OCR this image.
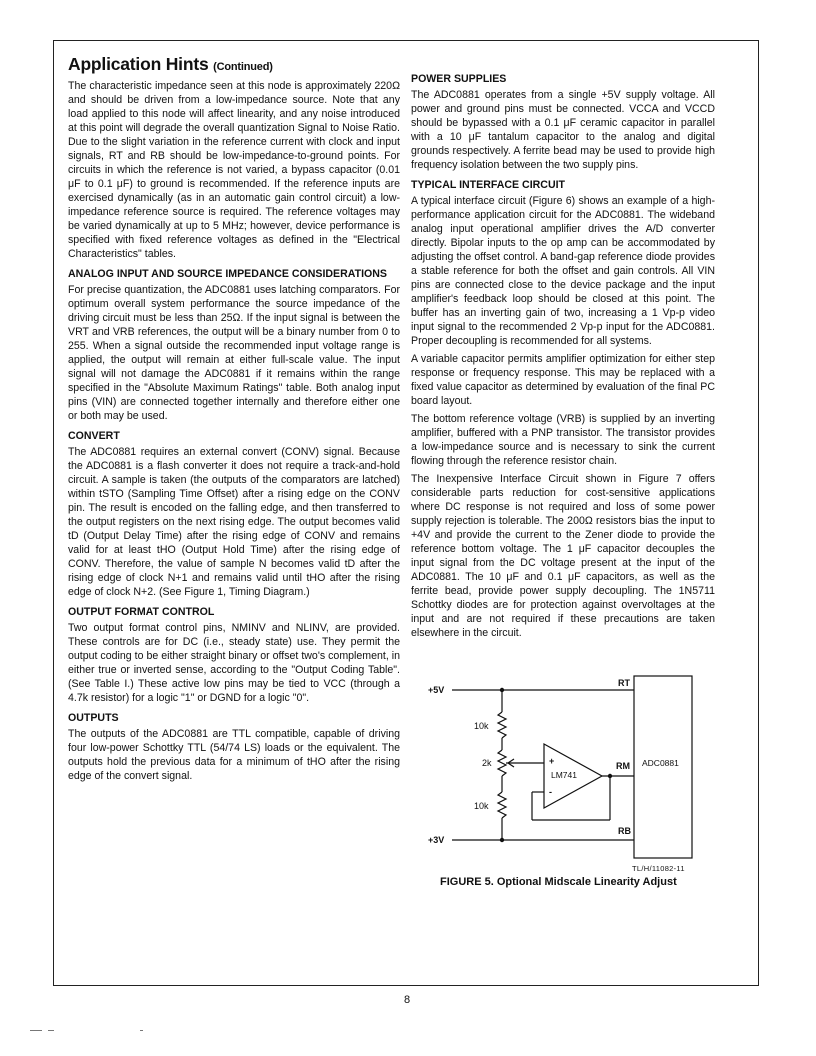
Application Hints (Continued)

The characteristic impedance seen at this node is approximately 220Ω and should be driven from a low-impedance source. Note that any load applied to this node will affect linearity, and any noise introduced at this point will degrade the overall quantization Signal to Noise Ratio. Due to the slight variation in the reference current with clock and input signals, RT and RB should be low-impedance-to-ground points. For circuits in which the reference is not varied, a bypass capacitor (0.01 μF to 0.1 μF) to ground is recommended. If the reference inputs are exercised dynamically (as in an automatic gain control circuit) a low-impedance reference source is required. The reference voltages may be varied dynamically at up to 5 MHz; however, device performance is specified with fixed reference voltages as defined in the "Electrical Characteristics" tables.

ANALOG INPUT AND SOURCE IMPEDANCE CONSIDERATIONS

For precise quantization, the ADC0881 uses latching comparators. For optimum overall system performance the source impedance of the driving circuit must be less than 25Ω. If the input signal is between the VRT and VRB references, the output will be a binary number from 0 to 255. When a signal outside the recommended input voltage range is applied, the output will remain at either full-scale value. The input signal will not damage the ADC0881 if it remains within the range specified in the "Absolute Maximum Ratings" table. Both analog input pins (VIN) are connected together internally and therefore either one or both may be used.

CONVERT

The ADC0881 requires an external convert (CONV) signal. Because the ADC0881 is a flash converter it does not require a track-and-hold circuit. A sample is taken (the outputs of the comparators are latched) within tSTO (Sampling Time Offset) after a rising edge on the CONV pin. The result is encoded on the falling edge, and then transferred to the output registers on the next rising edge. The output becomes valid tD (Output Delay Time) after the rising edge of CONV and remains valid for at least tHO (Output Hold Time) after the rising edge of CONV. Therefore, the value of sample N becomes valid tD after the rising edge of clock N+1 and remains valid until tHO after the rising edge of clock N+2. (See Figure 1, Timing Diagram.)

OUTPUT FORMAT CONTROL

Two output format control pins, NMINV and NLINV, are provided. These controls are for DC (i.e., steady state) use. They permit the output coding to be either straight binary or offset two's complement, in either true or inverted sense, according to the "Output Coding Table". (See Table I.) These active low pins may be tied to VCC (through a 4.7k resistor) for a logic "1" or DGND for a logic "0".

OUTPUTS

The outputs of the ADC0881 are TTL compatible, capable of driving four low-power Schottky TTL (54/74 LS) loads or the equivalent. The outputs hold the previous data for a minimum of tHO after the rising edge of the convert signal.

POWER SUPPLIES

The ADC0881 operates from a single +5V supply voltage. All power and ground pins must be connected. VCCA and VCCD should be bypassed with a 0.1 μF ceramic capacitor in parallel with a 10 μF tantalum capacitor to the analog and digital grounds respectively. A ferrite bead may be used to provide high frequency isolation between the two supply pins.

TYPICAL INTERFACE CIRCUIT

A typical interface circuit (Figure 6) shows an example of a high-performance application circuit for the ADC0881. The wideband analog input operational amplifier drives the A/D converter directly. Bipolar inputs to the op amp can be accommodated by adjusting the offset control. A band-gap reference diode provides a stable reference for both the offset and gain controls. All VIN pins are connected close to the device package and the input amplifier's feedback loop should be closed at this point. The buffer has an inverting gain of two, increasing a 1 Vp-p video input signal to the recommended 2 Vp-p input for the ADC0881. Proper decoupling is recommended for all systems.

A variable capacitor permits amplifier optimization for either step response or frequency response. This may be replaced with a fixed value capacitor as determined by evaluation of the final PC board layout.

The bottom reference voltage (VRB) is supplied by an inverting amplifier, buffered with a PNP transistor. The transistor provides a low-impedance source and is necessary to sink the current flowing through the reference resistor chain.

The Inexpensive Interface Circuit shown in Figure 7 offers considerable parts reduction for cost-sensitive applications where DC response is not required and loss of some power supply rejection is tolerable. The 200Ω resistors bias the input to +4V and provide the current to the Zener diode to provide the reference bottom voltage. The 1 μF capacitor decouples the input signal from the DC voltage present at the input of the ADC0881. The 10 μF and 0.1 μF capacitors, as well as the ferrite bead, provide power supply decoupling. The 1N5711 Schottky diodes are for protection against overvoltages at the input and are not required if these precautions are taken elsewhere in the circuit.

+5V
+3V
10k
2k
10k
+
-
LM741
RT
RM
RB
ADC0881
TL/H/11082-11
FIGURE 5. Optional Midscale Linearity Adjust
8
